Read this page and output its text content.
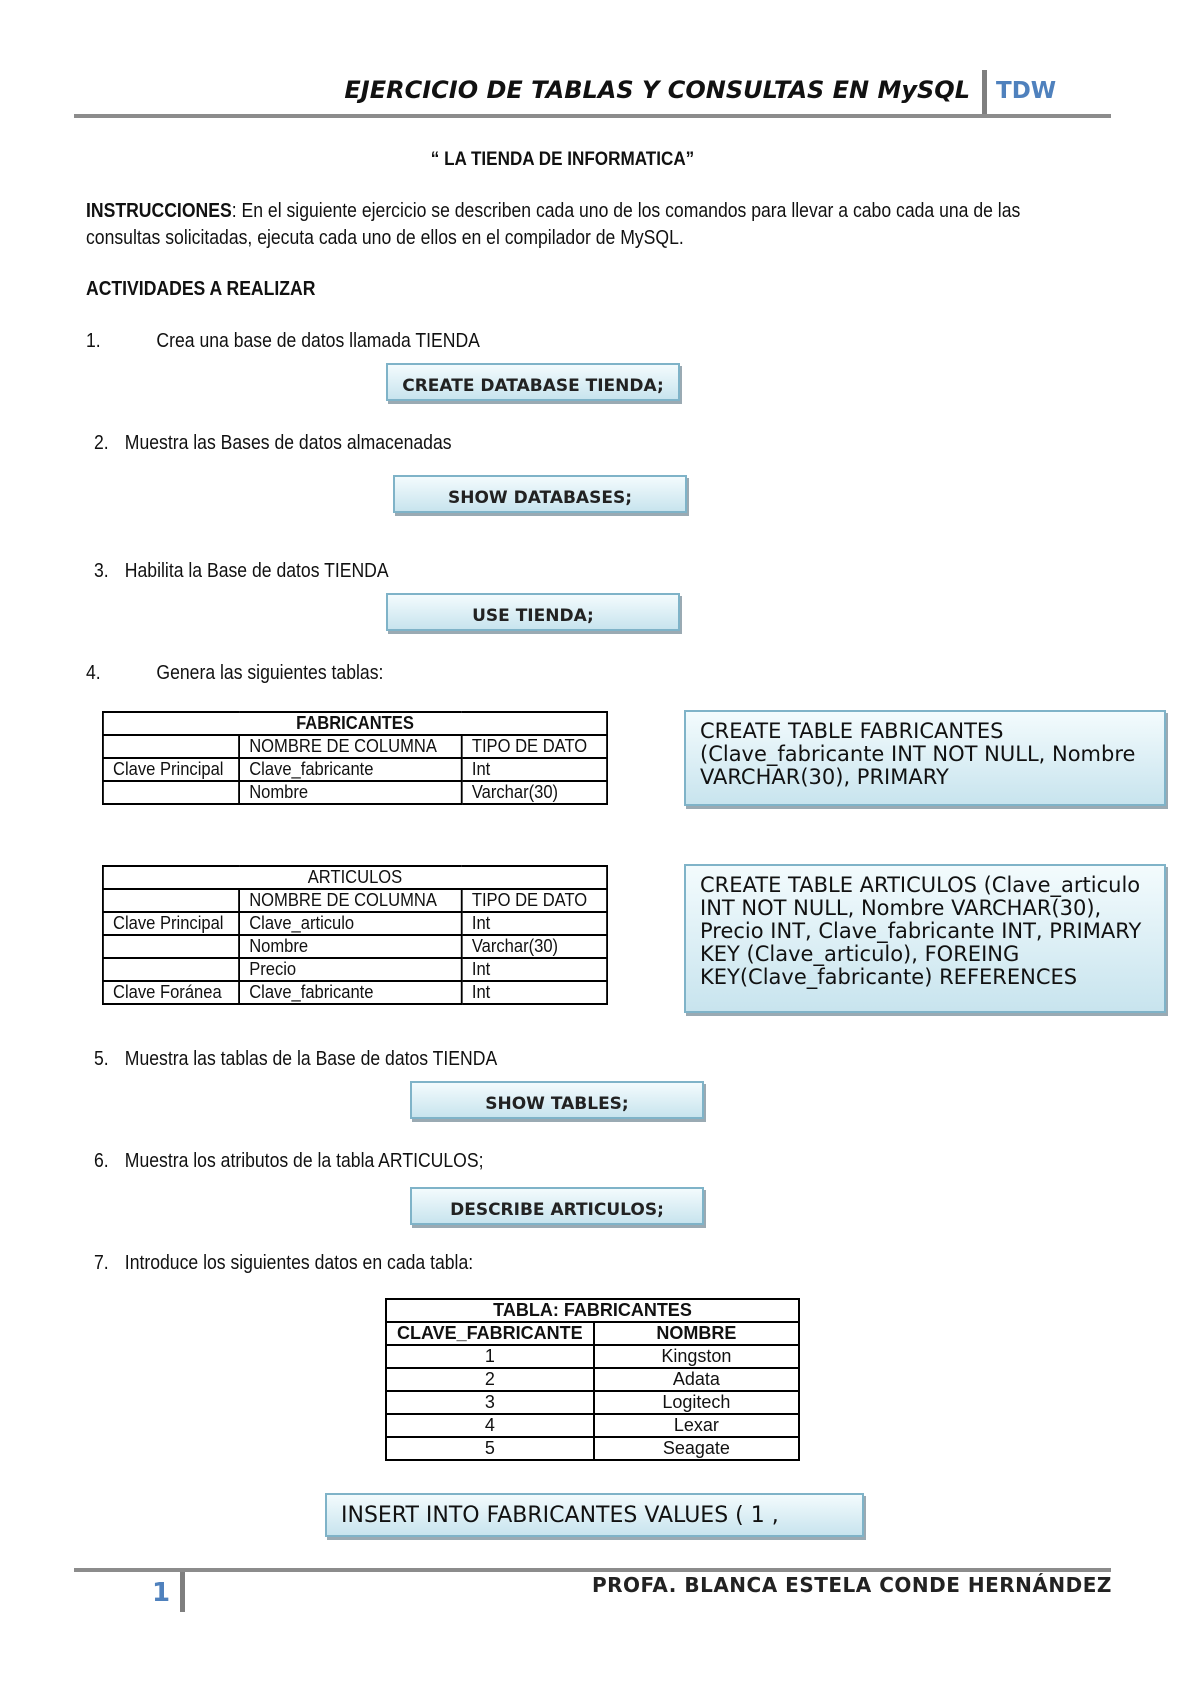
EJERCICIO DE TABLAS Y CONSULTAS EN MySQL TDW
“ LA TIENDA DE INFORMATICA”
INSTRUCCIONES: En el siguiente ejercicio se describen cada uno de los comandos para llevar a cabo cada una de las consultas solicitadas, ejecuta cada uno de ellos en el compilador de MySQL.
ACTIVIDADES A REALIZAR
1.	Crea una base de datos llamada TIENDA
CREATE DATABASE TIENDA;
2. Muestra las Bases de datos almacenadas
SHOW DATABASES;
3. Habilita la Base de datos TIENDA
USE TIENDA;
4.	Genera las siguientes tablas:
FABRICANTES		
	NOMBRE DE COLUMNA	TIPO DE DATO
Clave Principal	Clave_fabricante	Int
	Nombre	Varchar(30)
CREATE TABLE FABRICANTES (Clave_fabricante INT NOT NULL, Nombre VARCHAR(30), PRIMARY
ARTICULOS		
	NOMBRE DE COLUMNA	TIPO DE DATO
Clave Principal	Clave_articulo	Int
	Nombre	Varchar(30)
	Precio	Int
Clave Foránea	Clave_fabricante	Int
CREATE TABLE ARTICULOS (Clave_articulo INT NOT NULL, Nombre VARCHAR(30), Precio INT, Clave_fabricante INT, PRIMARY KEY (Clave_articulo), FOREING KEY(Clave_fabricante) REFERENCES
5. Muestra las tablas de la Base de datos TIENDA
SHOW TABLES;
6. Muestra los atributos de la tabla ARTICULOS;
DESCRIBE ARTICULOS;
7. Introduce los siguientes datos en cada tabla:
TABLA: FABRICANTES	
CLAVE_FABRICANTE	NOMBRE
1	Kingston
2	Adata
3	Logitech
4	Lexar
5	Seagate
INSERT INTO FABRICANTES VALUES ( 1 ,
1	PROFA. BLANCA ESTELA CONDE HERNÁNDEZ
